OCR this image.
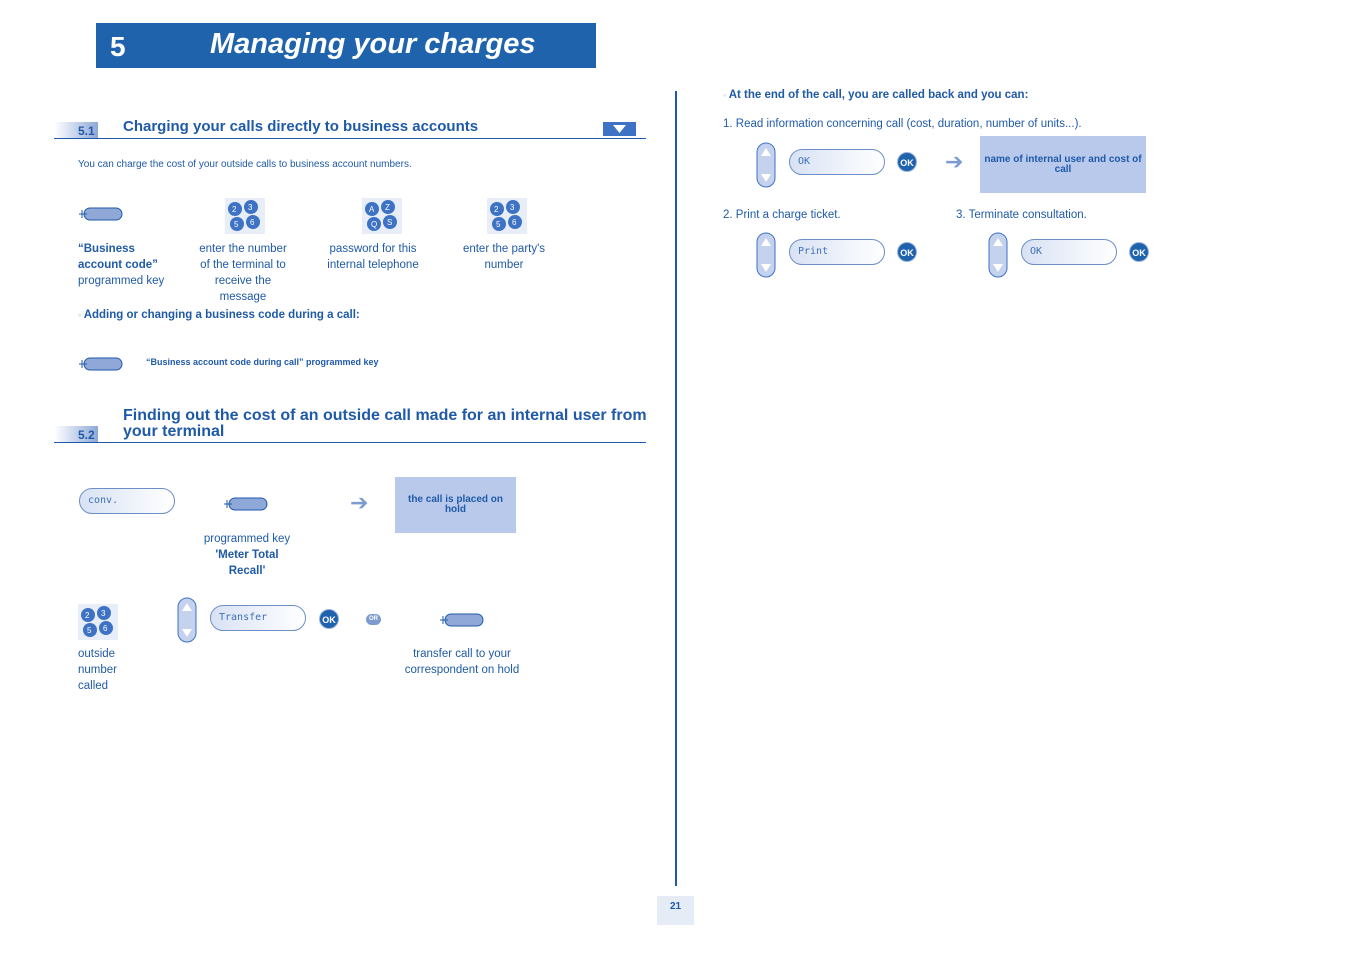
5	Managing your charges
5.1 Charging your calls directly to business accounts
You can charge the cost of your outside calls to business account numbers.
2 3
5 6
A Z
Q S
2 3
5 6
“Business account code”
programmed key
enter the number of the terminal to receive the message
password for this internal telephone
enter the party's number
◦ Adding or changing a business code during a call:
“Business account code during call” programmed key
5.2
Finding out the cost of an outside call made for an internal user from
your terminal
conv.	➔	the call is placed on hold
programmed key
'Meter Total Recall'
2 3
5 6
Transfer	OK	OR
outside number called
transfer call to your correspondent on hold
◦ At the end of the call, you are called back and you can:
1. Read information concerning call (cost, duration, number of units...).
OK	OK ➔	name of internal user and cost of call
2. Print a charge ticket.	3. Terminate consultation.
Print	OK	OK	OK
21
